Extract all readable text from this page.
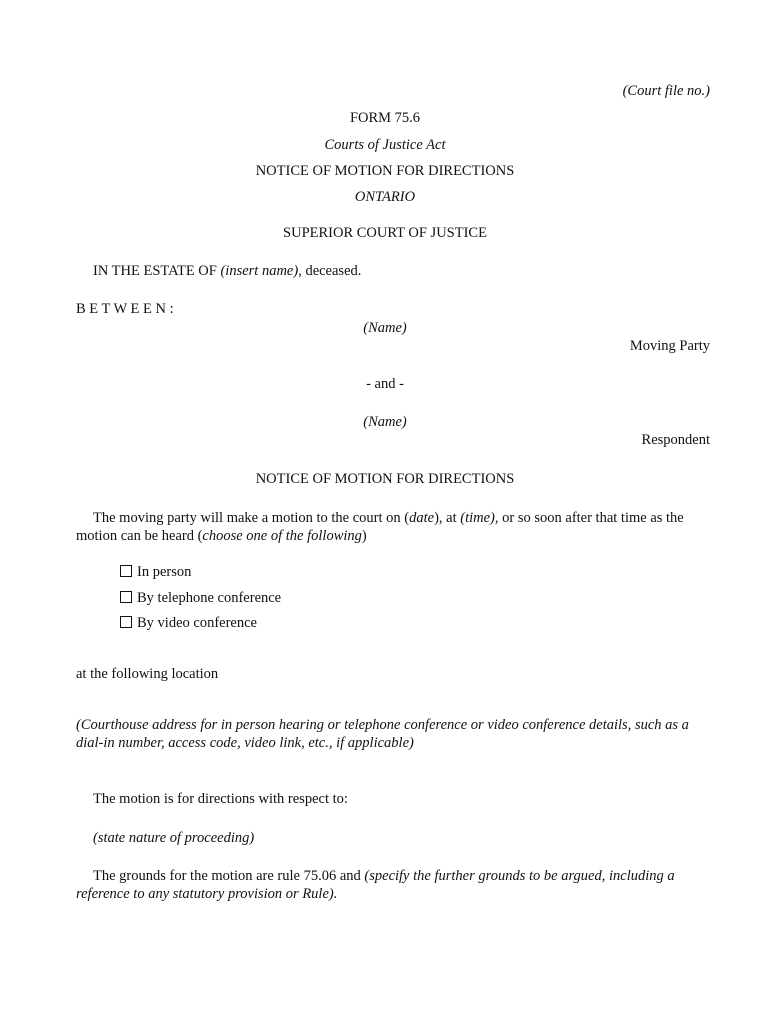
(Court file no.)
FORM 75.6
Courts of Justice Act
NOTICE OF MOTION FOR DIRECTIONS
ONTARIO
SUPERIOR COURT OF JUSTICE
IN THE ESTATE OF (insert name), deceased.
B E T W E E N :
(Name)
Moving Party
- and -
(Name)
Respondent
NOTICE OF MOTION FOR DIRECTIONS
The moving party will make a motion to the court on (date), at (time), or so soon after that time as the motion can be heard (choose one of the following)
In person
By telephone conference
By video conference
at the following location
(Courthouse address for in person hearing or telephone conference or video conference details, such as a dial-in number, access code, video link, etc., if applicable)
The motion is for directions with respect to:
(state nature of proceeding)
The grounds for the motion are rule 75.06 and (specify the further grounds to be argued, including a reference to any statutory provision or Rule).
